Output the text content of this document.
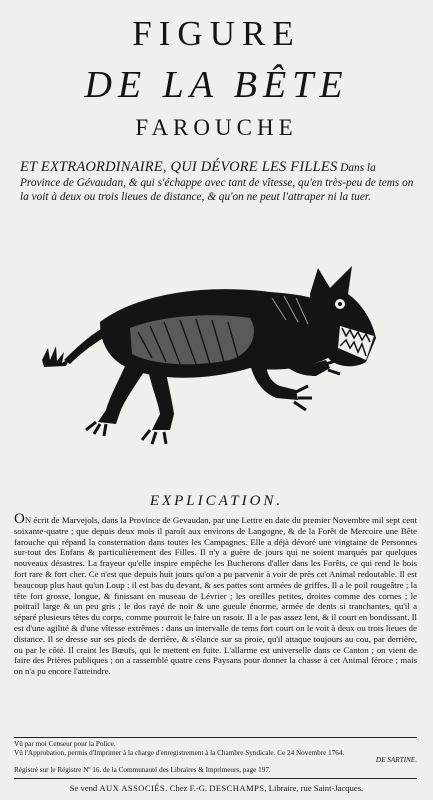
FIGURE
DE LA BÊTE
FAROUCHE
ET EXTRAORDINAIRE, QUI DÉVORE LES FILLES Dans la Province de Gévaudan, & qui s'échappe avec tant de vîtesse, qu'en très-peu de tems on la voit à deux ou trois lieues de distance, & qu'on ne peut l'attraper ni la tuer.
EXPLICATION.
ON écrit de Marvejols, dans la Province de Gevaudan, par une Lettre en date du premier Novembre mil sept cent soixante-quatre ; que depuis deux mois il paroît aux environs de Langogne, & de la Forêt de Mercoire une Bête farouche qui répand la consternation dans toutes les Campagnes. Elle a déjà dévoré une vingtaine de Personnes sur-tout des Enfans & particulièrement des Filles. Il n'y a guère de jours qui ne soient marqués par quelques nouveaux désastres. La frayeur qu'elle inspire empêche les Bucherons d'aller dans les Forêts, ce qui rend le bois fort rare & fort cher. Ce n'est que depuis huit jours qu'on a pu parvenir à voir de près cet Animal redoutable. Il est beaucoup plus haut qu'un Loup : il est bas du devant, & ses pattes sont armées de griffes. Il a le poil rougeâtre ; la tête fort grosse, longue, & finissant en museau de Lévrier ; les oreilles petites, droites comme des cornes ; le poitrail large & un peu gris ; le dos rayé de noir & une gueule énorme, armée de dents si tranchantes, qu'il a séparé plusieurs têtes du corps, comme pourroit le faire un rasoir. Il a le pas assez lent, & il court en bondissant. Il est d'une agilité & d'une vîtesse extrêmes : dans un intervalle de tems fort court on le voit à deux ou trois lieues de distance. Il se dresse sur ses pieds de derrière, & s'élance sur sa proie, qu'il attaque toujours au cou, par derrière, ou par le côté. Il craint les Bœufs, qui le mettent en fuite. L'allarme est universelle dans ce Canton ; on vient de faire des Prières publiques ; on a rassemblé quatre cens Paysans pour donner la chasse à cet Animal féroce ; mais on n'a pu encore l'atteindre.
Vû par moi Censeur pour la Police.
Vû l'Approbation, permis d'Imprimer à la charge d'enregistrement à la Chambre Syndicale. Ce 24 Novembre 1764.
DE SARTINE.
Régistré sur le Régistre Nº 16. de la Communauté des Libraires & Imprimeurs, page 197.
Se vend AUX ASSOCIÉS. Chez F.-G. DESCHAMPS, Libraire, rue Saint-Jacques.
